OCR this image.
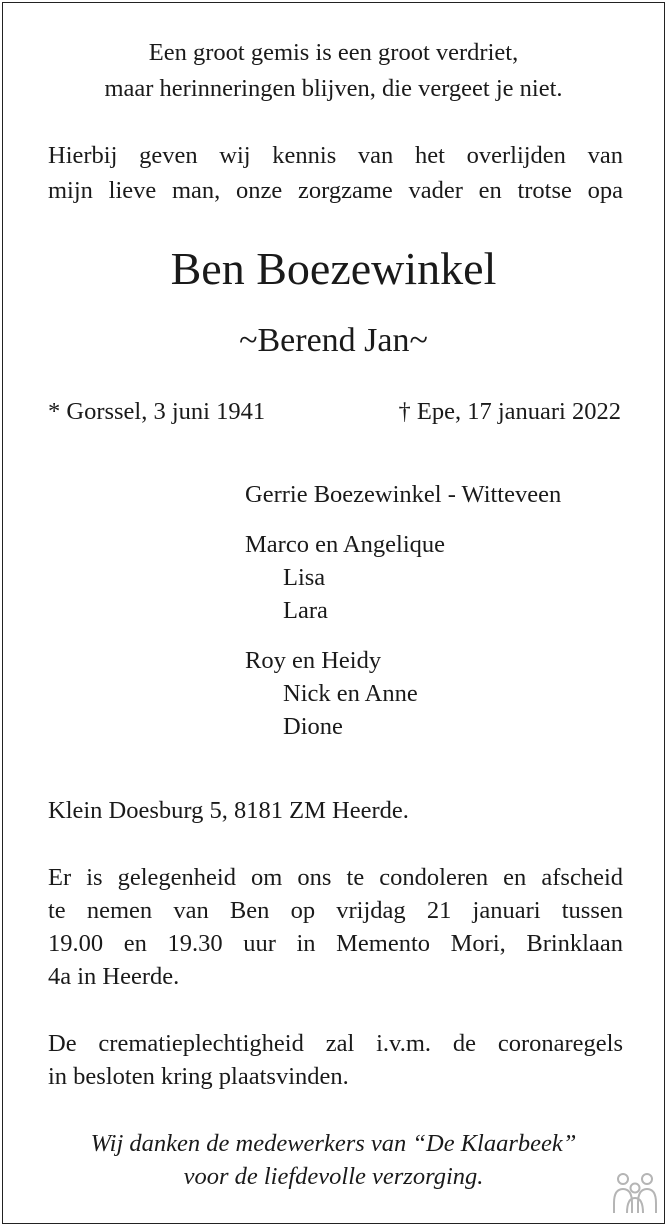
Een groot gemis is een groot verdriet,
maar herinneringen blijven, die vergeet je niet.
Hierbij geven wij kennis van het overlijden van
mijn lieve man, onze zorgzame vader en trotse opa
Ben Boezewinkel
~Berend Jan~
* Gorssel, 3 juni 1941	† Epe, 17 januari 2022
Gerrie Boezewinkel - Witteveen
Marco en Angelique
Lisa
Lara
Roy en Heidy
Nick en Anne
Dione
Klein Doesburg 5, 8181 ZM Heerde.
Er is gelegenheid om ons te condoleren en afscheid
te nemen van Ben op vrijdag 21 januari tussen
19.00 en 19.30 uur in Memento Mori, Brinklaan
4a in Heerde.
De crematieplechtigheid zal i.v.m. de coronaregels
in besloten kring plaatsvinden.
Wij danken de medewerkers van “De Klaarbeek”
voor de liefdevolle verzorging.
